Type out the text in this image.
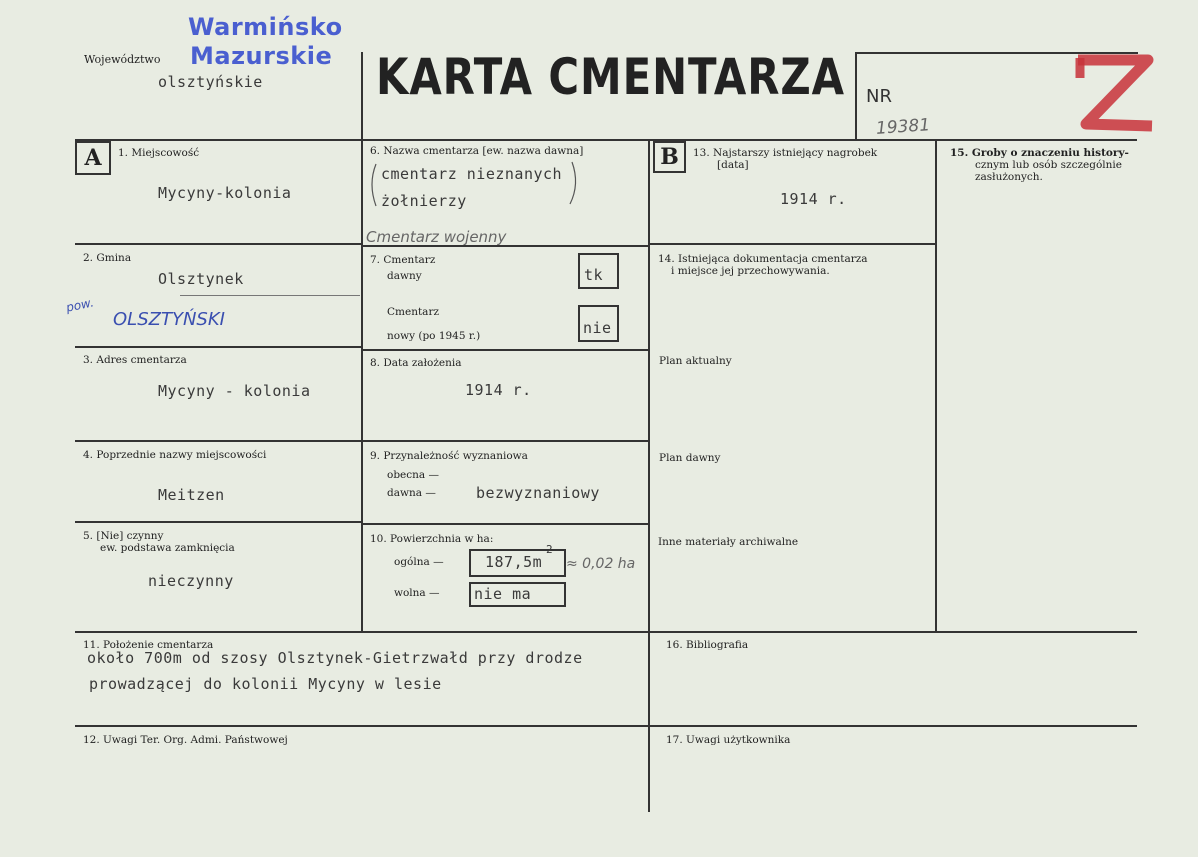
Warmińsko
Mazurskie
Województwo
olsztyńskie KARTA CMENTARZA NR
19381
A	1. Miejscowość
Mycyny-kolonia
2. Gmina
Olsztynek
pow.
OLSZTYŃSKI
3. Adres cmentarza
Mycyny - kolonia
4. Poprzednie nazwy miejscowości
Meitzen
5. [Nie] czynny
ew. podstawa zamknięcia
nieczynny
6. Nazwa cmentarza [ew. nazwa dawna]
cmentarz nieznanych
żołnierzy
Cmentarz wojenny
7. Cmentarz
dawny	tk
Cmentarz
nowy (po 1945 r.)	nie
8. Data założenia
1914 r.
9. Przynależność wyznaniowa
obecna —
dawna —	bezwyznaniowy
10. Powierzchnia w ha:
ogólna —	187,5m
2
≈ 0,02 ha
wolna — nie ma
B	13. Najstarszy istniejący nagrobek
[data]
1914 r.
14. Istniejąca dokumentacja cmentarza
i miejsce jej przechowywania.
Plan aktualny
Plan dawny
Inne materiały archiwalne
15. Groby o znaczeniu history-
cznym lub osób szczególnie
zasłużonych.
11. Położenie cmentarza
około 700m od szosy Olsztynek-Gietrzwałd przy drodze
prowadzącej do kolonii Mycyny w lesie
16. Bibliografia
12. Uwagi Ter. Org. Admi. Państwowej	17. Uwagi użytkownika
